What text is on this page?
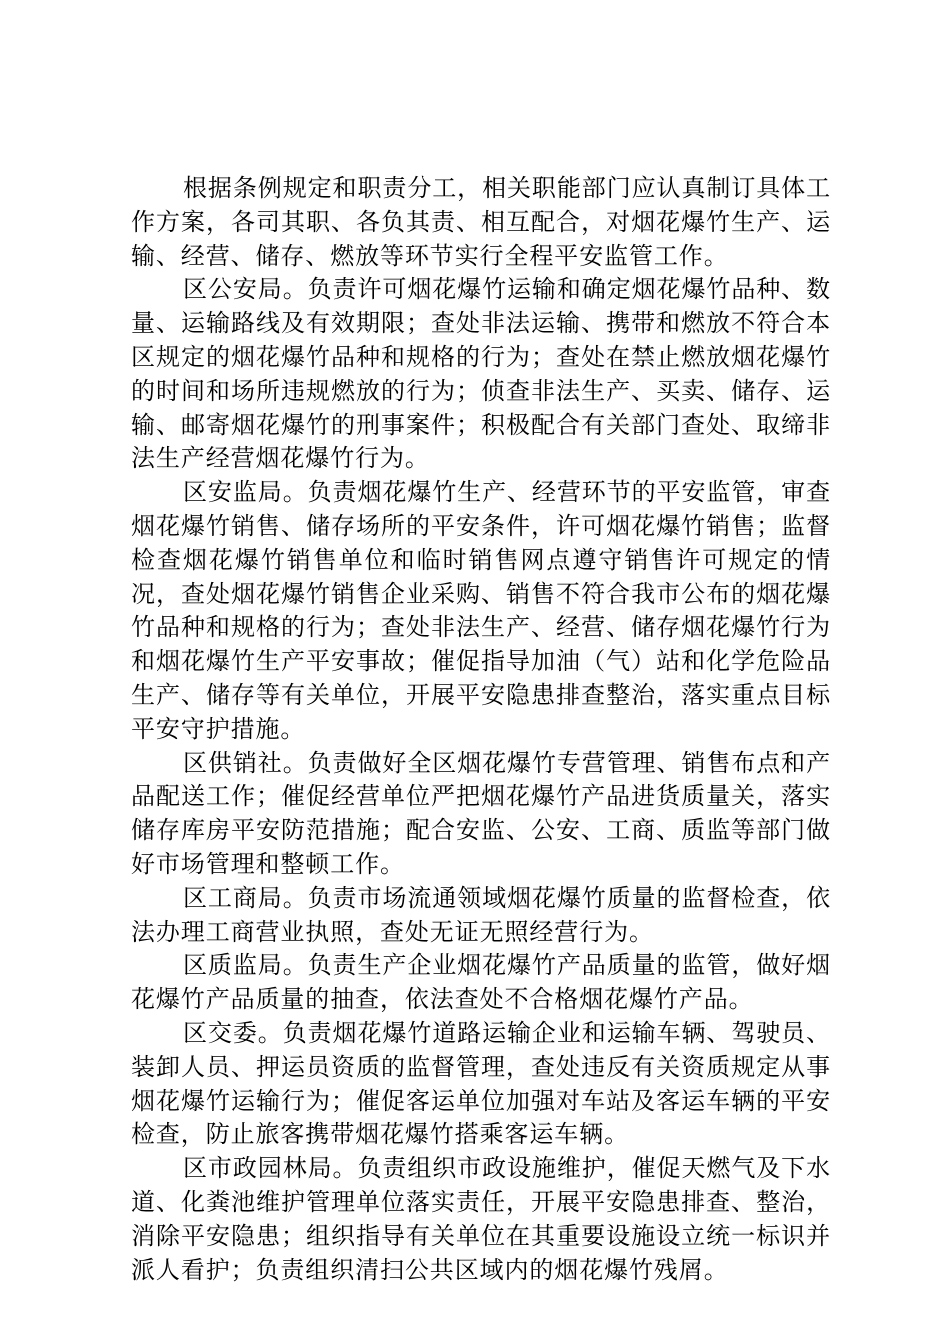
根据条例规定和职责分工，相关职能部门应认真制订具体工作方案，各司其职、各负其责、相互配合，对烟花爆竹生产、运输、经营、储存、燃放等环节实行全程平安监管工作。

区公安局。负责许可烟花爆竹运输和确定烟花爆竹品种、数量、运输路线及有效期限；查处非法运输、携带和燃放不符合本区规定的烟花爆竹品种和规格的行为；查处在禁止燃放烟花爆竹的时间和场所违规燃放的行为；侦查非法生产、买卖、储存、运输、邮寄烟花爆竹的刑事案件；积极配合有关部门查处、取缔非法生产经营烟花爆竹行为。

区安监局。负责烟花爆竹生产、经营环节的平安监管，审查烟花爆竹销售、储存场所的平安条件，许可烟花爆竹销售；监督检查烟花爆竹销售单位和临时销售网点遵守销售许可规定的情况，查处烟花爆竹销售企业采购、销售不符合我市公布的烟花爆竹品种和规格的行为；查处非法生产、经营、储存烟花爆竹行为和烟花爆竹生产平安事故；催促指导加油（气）站和化学危险品生产、储存等有关单位，开展平安隐患排查整治，落实重点目标平安守护措施。

区供销社。负责做好全区烟花爆竹专营管理、销售布点和产品配送工作；催促经营单位严把烟花爆竹产品进货质量关，落实储存库房平安防范措施；配合安监、公安、工商、质监等部门做好市场管理和整顿工作。

区工商局。负责市场流通领域烟花爆竹质量的监督检查，依法办理工商营业执照，查处无证无照经营行为。

区质监局。负责生产企业烟花爆竹产品质量的监管，做好烟花爆竹产品质量的抽查，依法查处不合格烟花爆竹产品。

区交委。负责烟花爆竹道路运输企业和运输车辆、驾驶员、装卸人员、押运员资质的监督管理，查处违反有关资质规定从事烟花爆竹运输行为；催促客运单位加强对车站及客运车辆的平安检查，防止旅客携带烟花爆竹搭乘客运车辆。

区市政园林局。负责组织市政设施维护，催促天燃气及下水道、化粪池维护管理单位落实责任，开展平安隐患排查、整治，消除平安隐患；组织指导有关单位在其重要设施设立统一标识并派人看护；负责组织清扫公共区域内的烟花爆竹残屑。
